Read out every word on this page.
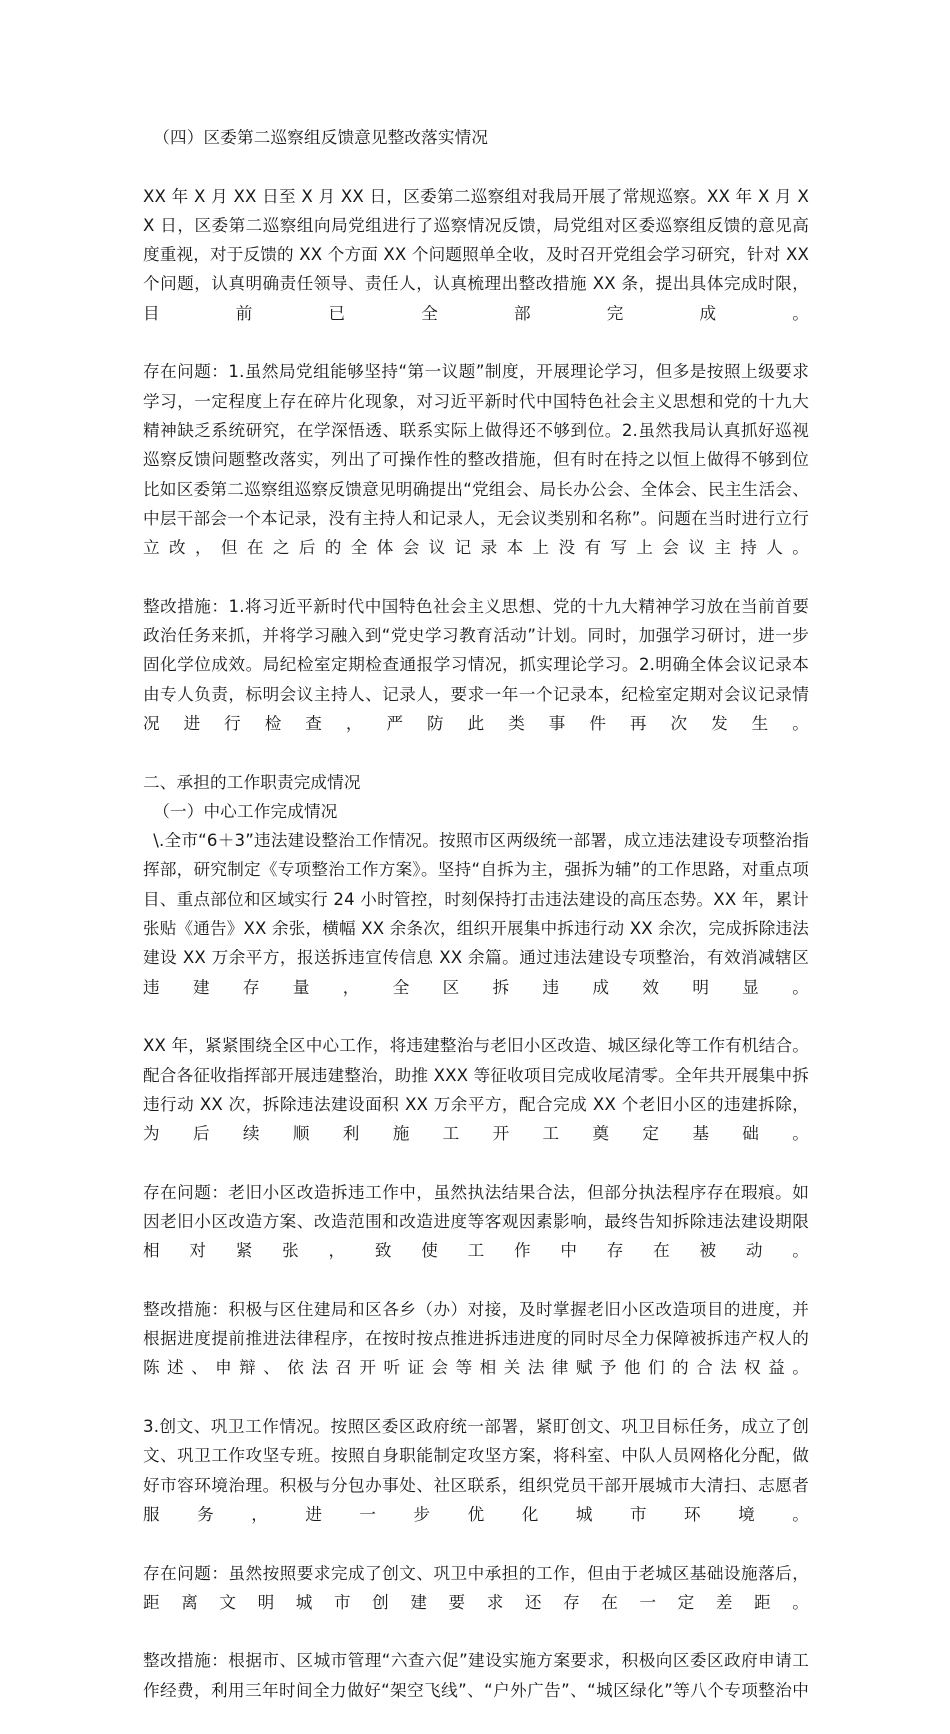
（四）区委第二巡察组反馈意见整改落实情况

XX 年 X 月 XX 日至 X 月 XX 日，区委第二巡察组对我局开展了常规巡察。XX 年 X 月 XX 日，区委第二巡察组向局党组进行了巡察情况反馈，局党组对区委巡察组反馈的意见高度重视，对于反馈的 XX 个方面 XX 个问题照单全收，及时召开党组会学习研究，针对 XX 个问题，认真明确责任领导、责任人，认真梳理出整改措施 XX 条，提出具体完成时限，目前已全部完成。

存在问题：1.虽然局党组能够坚持“第一议题”制度，开展理论学习，但多是按照上级要求学习，一定程度上存在碎片化现象，对习近平新时代中国特色社会主义思想和党的十九大精神缺乏系统研究，在学深悟透、联系实际上做得还不够到位。2.虽然我局认真抓好巡视巡察反馈问题整改落实，列出了可操作性的整改措施，但有时在持之以恒上做得不够到位比如区委第二巡察组巡察反馈意见明确提出“党组会、局长办公会、全体会、民主生活会、中层干部会一个本记录，没有主持人和记录人，无会议类别和名称”。问题在当时进行立行立改，但在之后的全体会议记录本上没有写上会议主持人。

整改措施：1.将习近平新时代中国特色社会主义思想、党的十九大精神学习放在当前首要政治任务来抓，并将学习融入到“党史学习教育活动”计划。同时，加强学习研讨，进一步固化学位成效。局纪检室定期检查通报学习情况，抓实理论学习。2.明确全体会议记录本由专人负责，标明会议主持人、记录人，要求一年一个记录本，纪检室定期对会议记录情况进行检查，严防此类事件再次发生。

二、承担的工作职责完成情况

（一）中心工作完成情况

\.全市“6＋3”违法建设整治工作情况。按照市区两级统一部署，成立违法建设专项整治指挥部，研究制定《专项整治工作方案》。坚持“自拆为主，强拆为辅”的工作思路，对重点项目、重点部位和区域实行 24 小时管控，时刻保持打击违法建设的高压态势。XX 年，累计张贴《通告》XX 余张，横幅 XX 余条次，组织开展集中拆违行动 XX 余次，完成拆除违法建设 XX 万余平方，报送拆违宣传信息 XX 余篇。通过违法建设专项整治，有效消减辖区违建存量，全区拆违成效明显。

XX 年，紧紧围绕全区中心工作，将违建整治与老旧小区改造、城区绿化等工作有机结合。配合各征收指挥部开展违建整治，助推 XXX 等征收项目完成收尾清零。全年共开展集中拆违行动 XX 次，拆除违法建设面积 XX 万余平方，配合完成 XX 个老旧小区的违建拆除，为后续顺利施工开工奠定基础。

存在问题：老旧小区改造拆违工作中，虽然执法结果合法，但部分执法程序存在瑕痕。如因老旧小区改造方案、改造范围和改造进度等客观因素影响，最终告知拆除违法建设期限相对紧张，致使工作中存在被动。

整改措施：积极与区住建局和区各乡（办）对接，及时掌握老旧小区改造项目的进度，并根据进度提前推进法律程序，在按时按点推进拆违进度的同时尽全力保障被拆违产权人的陈述、申辩、依法召开听证会等相关法律赋予他们的合法权益。

3.创文、巩卫工作情况。按照区委区政府统一部署，紧盯创文、巩卫目标任务，成立了创文、巩卫工作攻坚专班。按照自身职能制定攻坚方案，将科室、中队人员网格化分配，做好市容环境治理。积极与分包办事处、社区联系，组织党员干部开展城市大清扫、志愿者服务，进一步优化城市环境。

存在问题：虽然按照要求完成了创文、巩卫中承担的工作，但由于老城区基础设施落后，距离文明城市创建要求还存在一定差距。

整改措施：根据市、区城市管理“六查六促”建设实施方案要求，积极向区委区政府申请工作经费，利用三年时间全力做好“架空飞线”、“户外广告”、“城区绿化”等八个专项整治中
